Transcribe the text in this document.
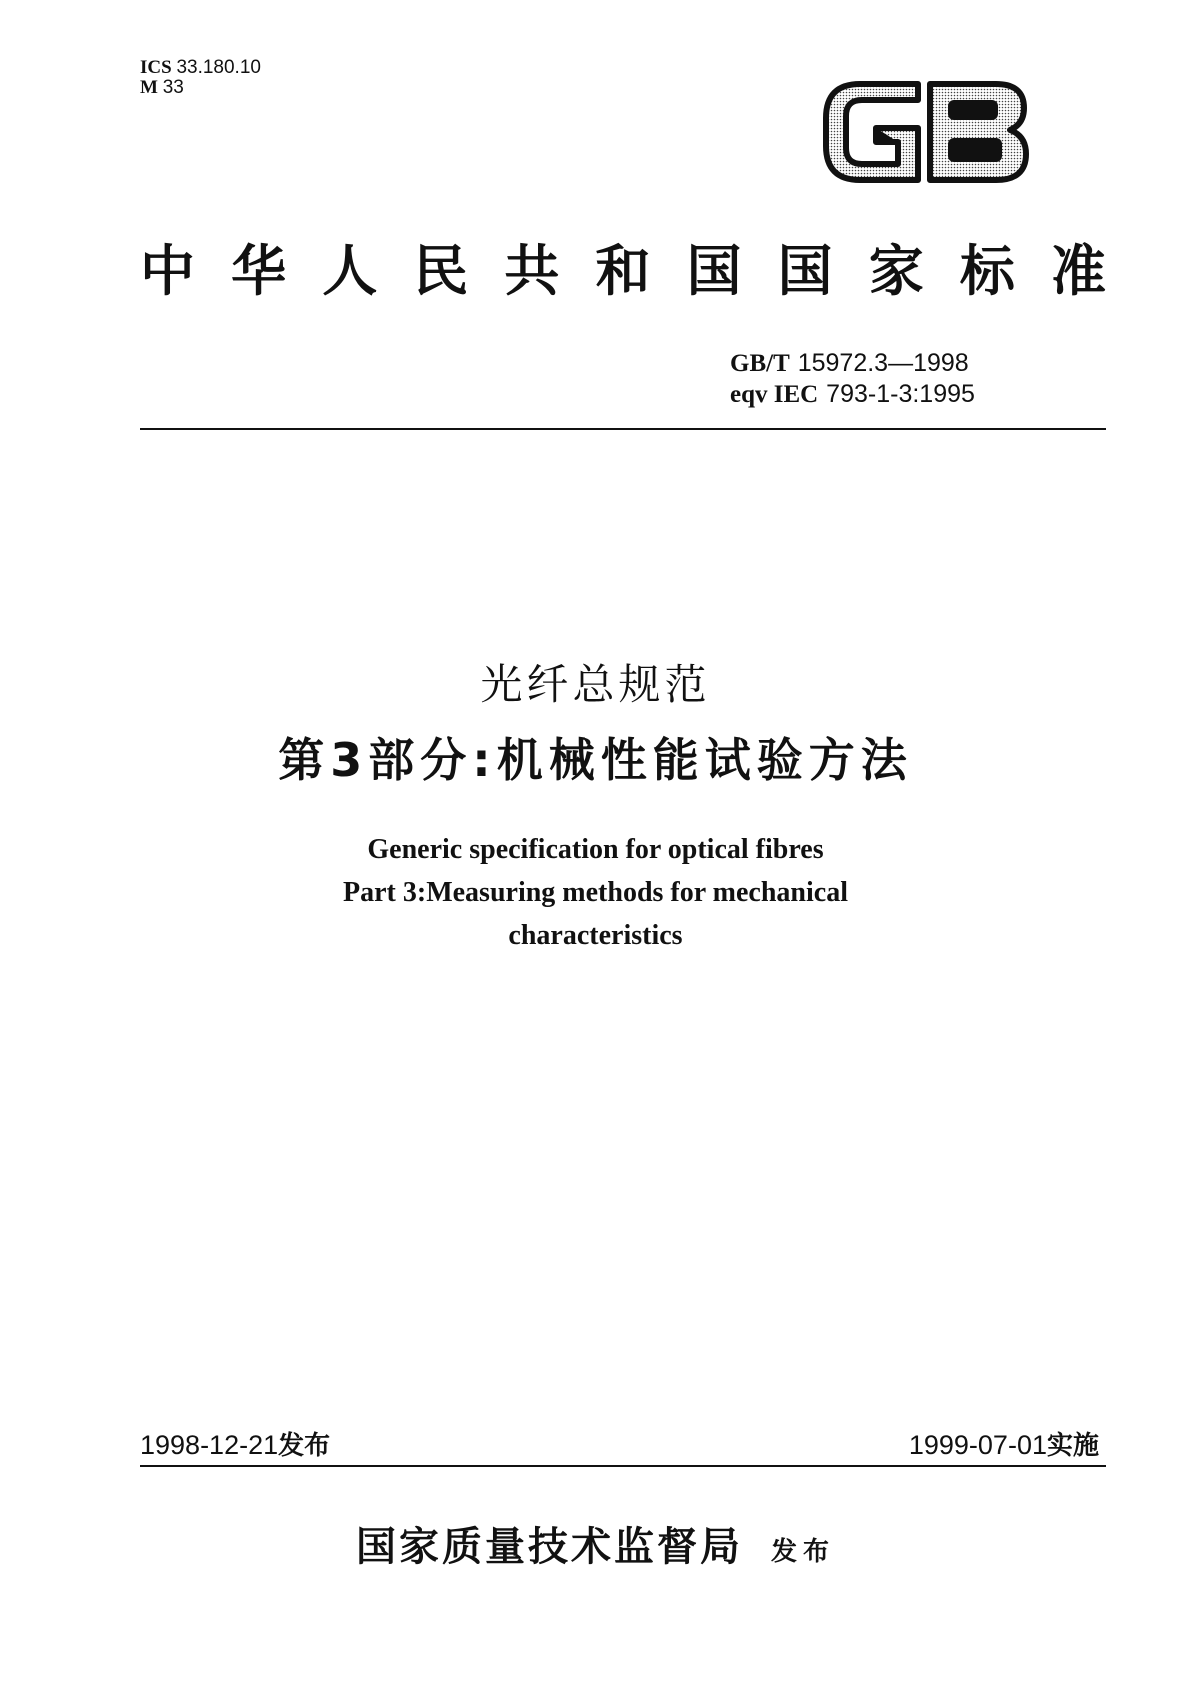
ICS 33.180.10
M 33
中 华 人 民 共 和 国 国 家 标 准
GB/T 15972.3—1998
eqv IEC 793-1-3:1995
光纤总规范
第3部分:机械性能试验方法
Generic specification for optical fibres
Part 3:Measuring methods for mechanical
characteristics
1998-12-21发布	1999-07-01实施
国家质量技术监督局 发布
